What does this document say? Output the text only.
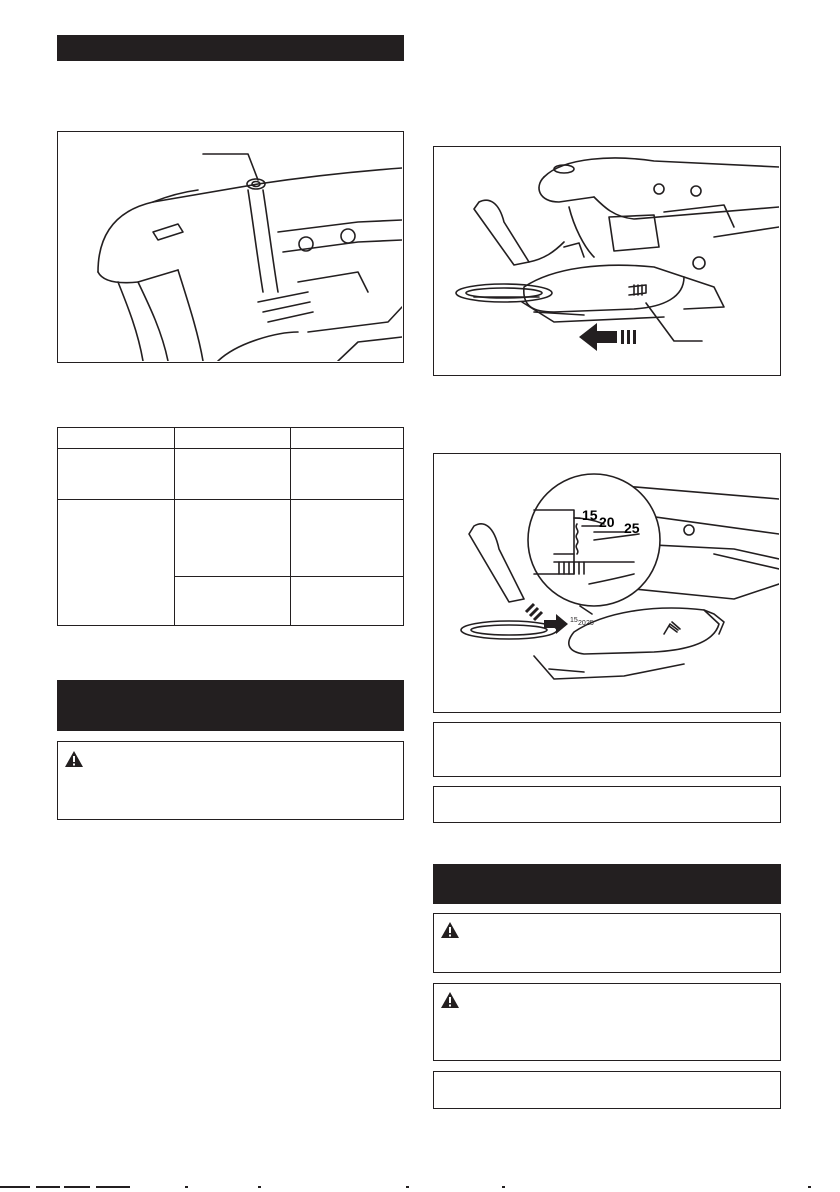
15 20 25
15 20 25
